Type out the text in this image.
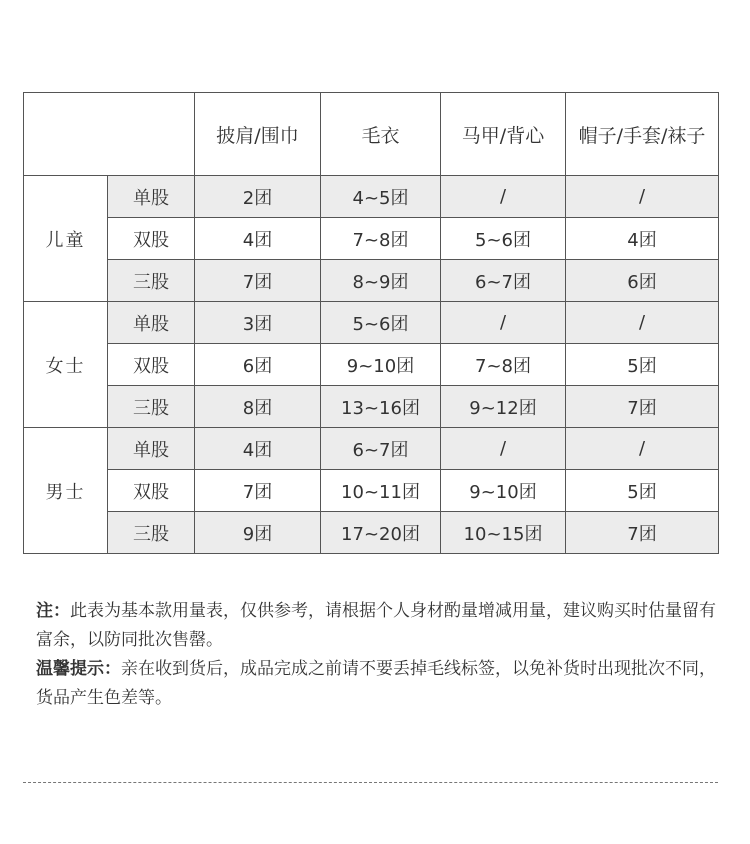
		披肩/围巾	毛衣	马甲/背心	帽子/手套/袜子
儿童	单股	2团	4~5团	/	/
	双股	4团	7~8团	5~6团	4团
	三股	7团	8~9团	6~7团	6团
女士	单股	3团	5~6团	/	/
	双股	6团	9~10团	7~8团	5团
	三股	8团	13~16团	9~12团	7团
男士	单股	4团	6~7团	/	/
	双股	7团	10~11团	9~10团	5团
	三股	9团	17~20团	10~15团	7团

注：此表为基本款用量表，仅供参考，请根据个人身材酌量增减用量，建议购买时估量留有富余，以防同批次售罄。

温馨提示：亲在收到货后，成品完成之前请不要丢掉毛线标签，以免补货时出现批次不同，货品产生色差等。
